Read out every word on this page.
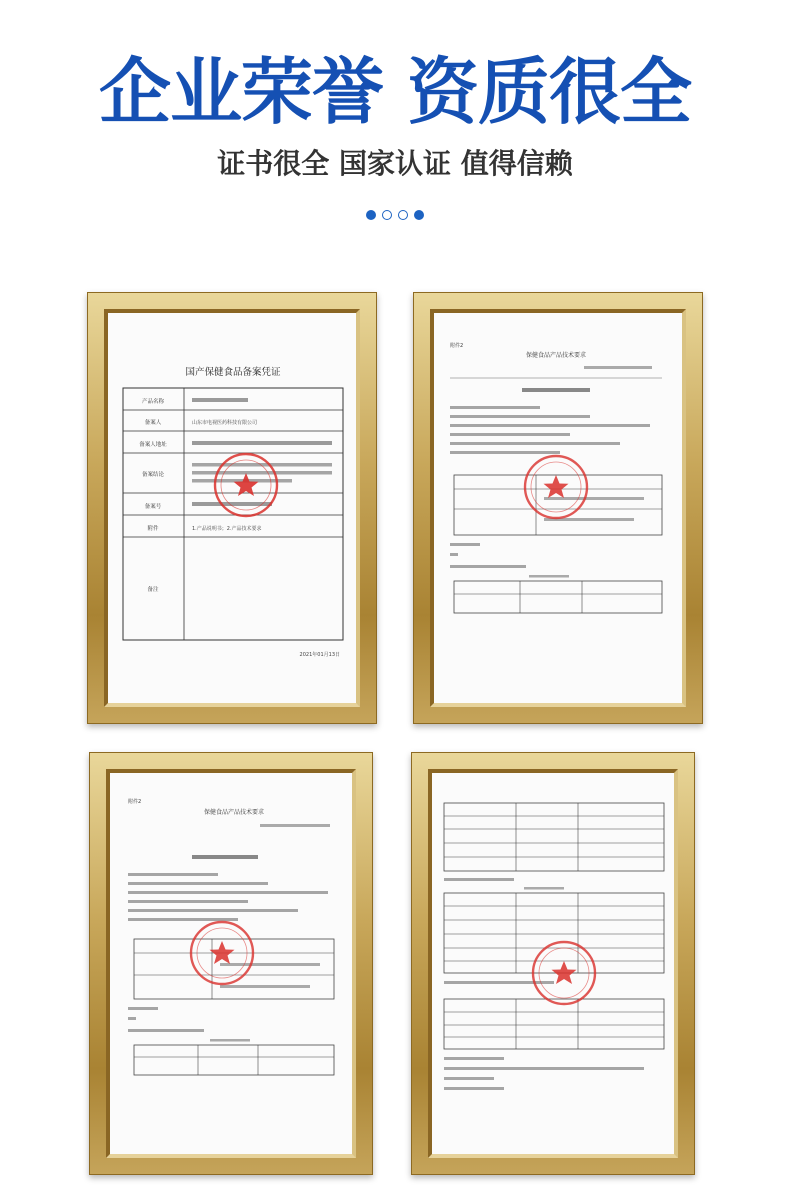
企业荣誉 资质很全
证书很全 国家认证 值得信赖
国产保健食品备案凭证
产品名称
备案人
备案人地址
备案结论
备案号
附件
备注
山东市电视医药科技有限公司
1.产品说明书；2.产品技术要求
2021年01月13日
附件2
保健食品产品技术要求
附件2
保健食品产品技术要求
